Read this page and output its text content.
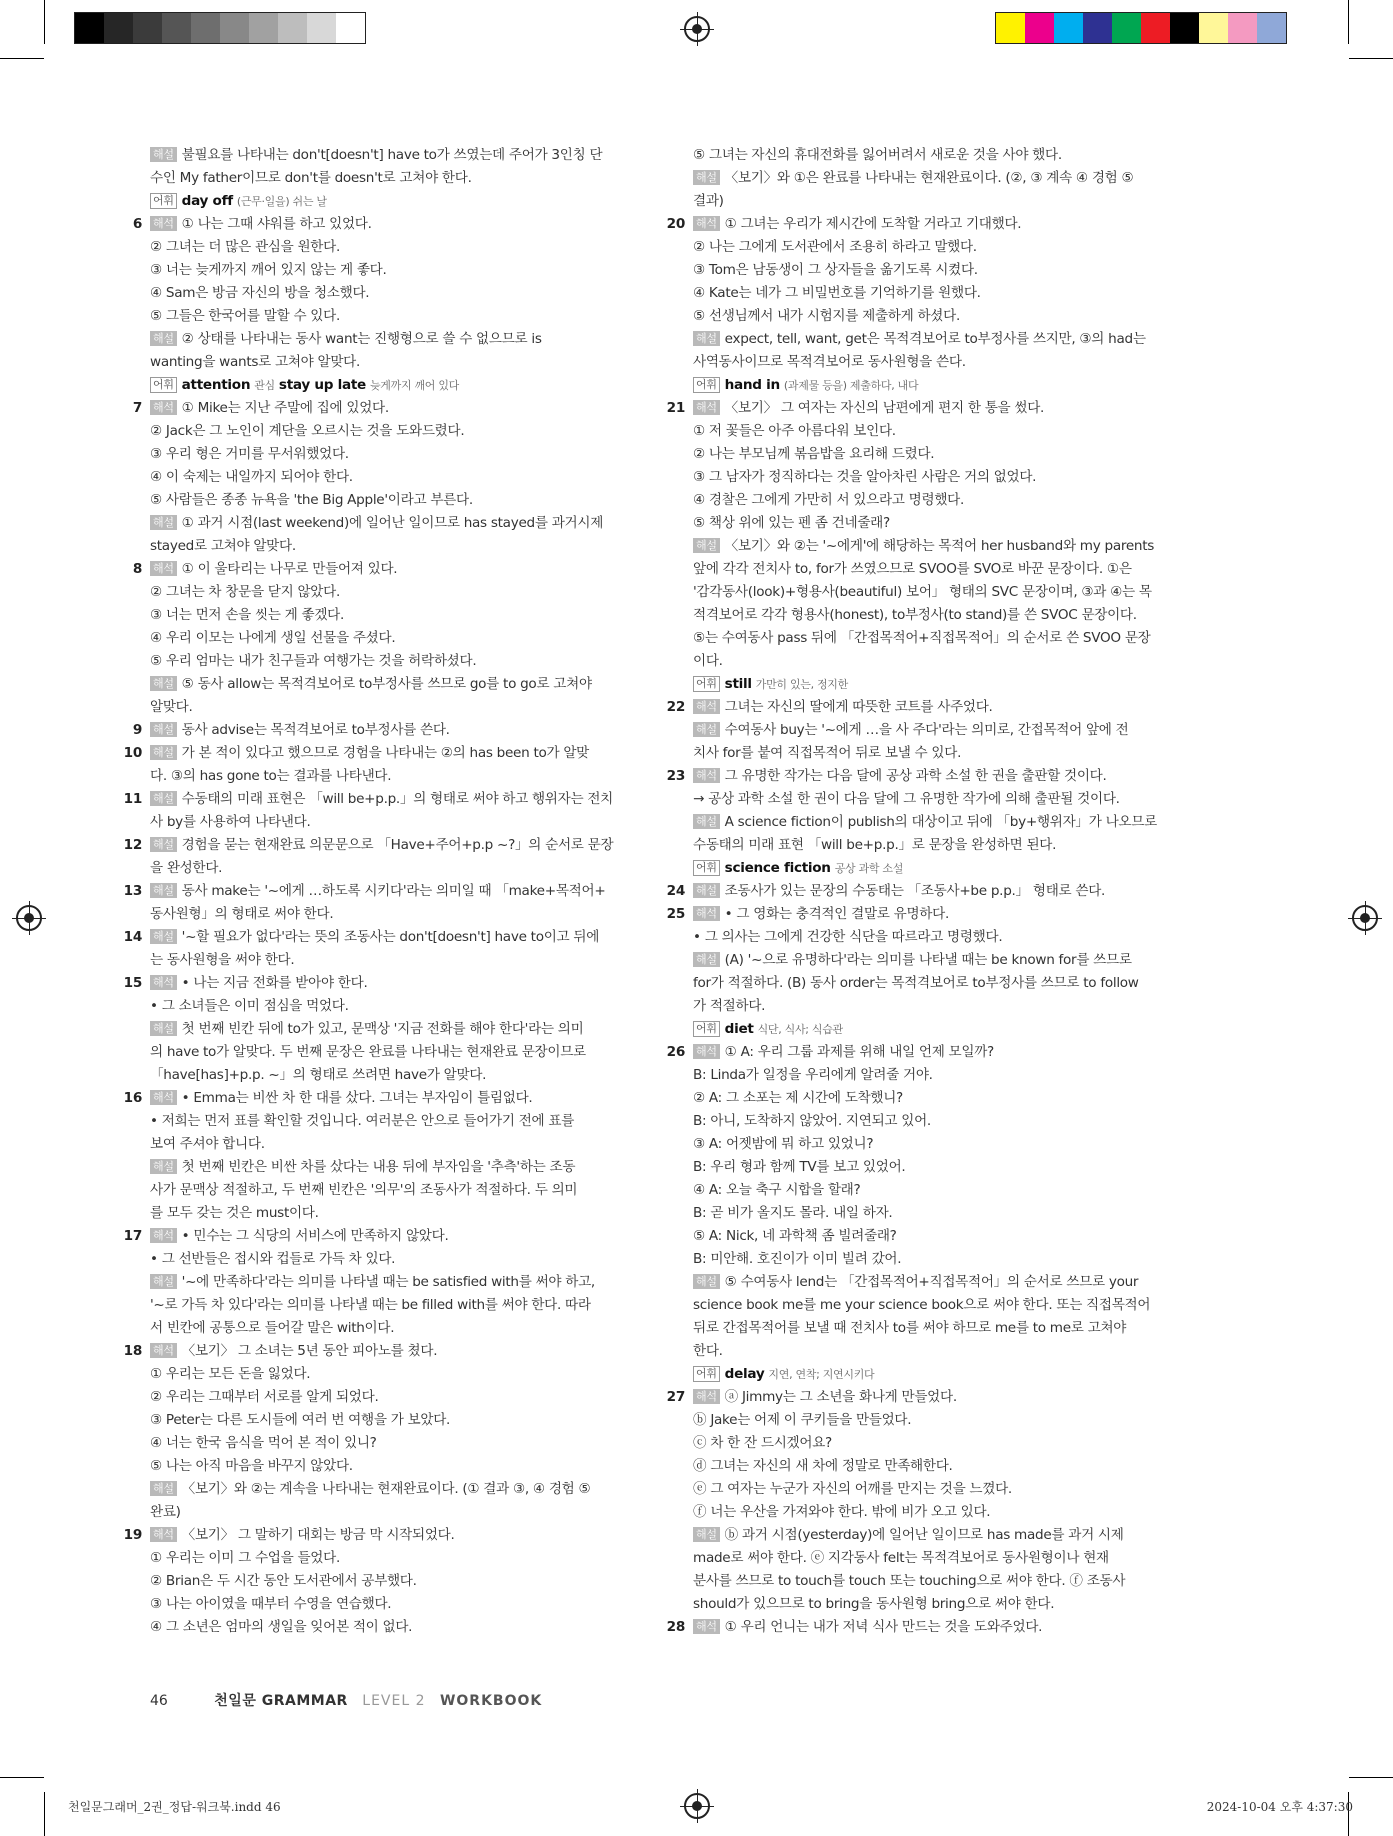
해설 불필요를 나타내는 don't[doesn't] have to가 쓰였는데 주어가 3인칭 단
수인 My father이므로 don't를 doesn't로 고쳐야 한다.
어휘 day off (근무·일을) 쉬는 날
6 해석 ① 나는 그때 샤워를 하고 있었다.
② 그녀는 더 많은 관심을 원한다.
③ 너는 늦게까지 깨어 있지 않는 게 좋다.
④ Sam은 방금 자신의 방을 청소했다.
⑤ 그들은 한국어를 말할 수 있다.
해설 ② 상태를 나타내는 동사 want는 진행형으로 쓸 수 없으므로 is
wanting을 wants로 고쳐야 알맞다.
어휘 attention 관심 stay up late 늦게까지 깨어 있다
7 해석 ① Mike는 지난 주말에 집에 있었다.
② Jack은 그 노인이 계단을 오르시는 것을 도와드렸다.
③ 우리 형은 거미를 무서워했었다.
④ 이 숙제는 내일까지 되어야 한다.
⑤ 사람들은 종종 뉴욕을 'the Big Apple'이라고 부른다.
해설 ① 과거 시점(last weekend)에 일어난 일이므로 has stayed를 과거시제
stayed로 고쳐야 알맞다.
8 해석 ① 이 울타리는 나무로 만들어져 있다.
② 그녀는 차 창문을 닫지 않았다.
③ 너는 먼저 손을 씻는 게 좋겠다.
④ 우리 이모는 나에게 생일 선물을 주셨다.
⑤ 우리 엄마는 내가 친구들과 여행가는 것을 허락하셨다.
해설 ⑤ 동사 allow는 목적격보어로 to부정사를 쓰므로 go를 to go로 고쳐야
알맞다.
9 해설 동사 advise는 목적격보어로 to부정사를 쓴다.
10 해설 가 본 적이 있다고 했으므로 경험을 나타내는 ②의 has been to가 알맞
다. ③의 has gone to는 결과를 나타낸다.
11 해설 수동태의 미래 표현은 「will be+p.p.」의 형태로 써야 하고 행위자는 전치
사 by를 사용하여 나타낸다.
12 해설 경험을 묻는 현재완료 의문문으로 「Have+주어+p.p ~?」의 순서로 문장
을 완성한다.
13 해설 동사 make는 '~에게 …하도록 시키다'라는 의미일 때 「make+목적어+
동사원형」의 형태로 써야 한다.
14 해설 '~할 필요가 없다'라는 뜻의 조동사는 don't[doesn't] have to이고 뒤에
는 동사원형을 써야 한다.
15 해석 • 나는 지금 전화를 받아야 한다.
• 그 소녀들은 이미 점심을 먹었다.
해설 첫 번째 빈칸 뒤에 to가 있고, 문맥상 '지금 전화를 해야 한다'라는 의미
의 have to가 알맞다. 두 번째 문장은 완료를 나타내는 현재완료 문장이므로
「have[has]+p.p. ~」의 형태로 쓰려면 have가 알맞다.
16 해석 • Emma는 비싼 차 한 대를 샀다. 그녀는 부자임이 틀림없다.
• 저희는 먼저 표를 확인할 것입니다. 여러분은 안으로 들어가기 전에 표를
보여 주셔야 합니다.
해설 첫 번째 빈칸은 비싼 차를 샀다는 내용 뒤에 부자임을 '추측'하는 조동
사가 문맥상 적절하고, 두 번째 빈칸은 '의무'의 조동사가 적절하다. 두 의미
를 모두 갖는 것은 must이다.
17 해석 • 민수는 그 식당의 서비스에 만족하지 않았다.
• 그 선반들은 접시와 컵들로 가득 차 있다.
해설 '~에 만족하다'라는 의미를 나타낼 때는 be satisfied with를 써야 하고,
'~로 가득 차 있다'라는 의미를 나타낼 때는 be filled with를 써야 한다. 따라
서 빈칸에 공통으로 들어갈 말은 with이다.
18 해석 〈보기〉 그 소녀는 5년 동안 피아노를 쳤다.
① 우리는 모든 돈을 잃었다.
② 우리는 그때부터 서로를 알게 되었다.
③ Peter는 다른 도시들에 여러 번 여행을 가 보았다.
④ 너는 한국 음식을 먹어 본 적이 있니?
⑤ 나는 아직 마음을 바꾸지 않았다.
해설 〈보기〉와 ②는 계속을 나타내는 현재완료이다. (① 결과 ③, ④ 경험 ⑤
완료)
19 해석 〈보기〉 그 말하기 대회는 방금 막 시작되었다.
① 우리는 이미 그 수업을 들었다.
② Brian은 두 시간 동안 도서관에서 공부했다.
③ 나는 아이였을 때부터 수영을 연습했다.
④ 그 소년은 엄마의 생일을 잊어본 적이 없다.
⑤ 그녀는 자신의 휴대전화를 잃어버려서 새로운 것을 사야 했다.
해설 〈보기〉와 ①은 완료를 나타내는 현재완료이다. (②, ③ 계속 ④ 경험 ⑤
결과)
20 해석 ① 그녀는 우리가 제시간에 도착할 거라고 기대했다.
② 나는 그에게 도서관에서 조용히 하라고 말했다.
③ Tom은 남동생이 그 상자들을 옮기도록 시켰다.
④ Kate는 네가 그 비밀번호를 기억하기를 원했다.
⑤ 선생님께서 내가 시험지를 제출하게 하셨다.
해설 expect, tell, want, get은 목적격보어로 to부정사를 쓰지만, ③의 had는
사역동사이므로 목적격보어로 동사원형을 쓴다.
어휘 hand in (과제물 등을) 제출하다, 내다
21 해석 〈보기〉 그 여자는 자신의 남편에게 편지 한 통을 썼다.
① 저 꽃들은 아주 아름다워 보인다.
② 나는 부모님께 볶음밥을 요리해 드렸다.
③ 그 남자가 정직하다는 것을 알아차린 사람은 거의 없었다.
④ 경찰은 그에게 가만히 서 있으라고 명령했다.
⑤ 책상 위에 있는 펜 좀 건네줄래?
해설 〈보기〉와 ②는 '~에게'에 해당하는 목적어 her husband와 my parents
앞에 각각 전치사 to, for가 쓰였으므로 SVOO를 SVO로 바꾼 문장이다. ①은
'감각동사(look)+형용사(beautiful) 보어」 형태의 SVC 문장이며, ③과 ④는 목
적격보어로 각각 형용사(honest), to부정사(to stand)를 쓴 SVOC 문장이다.
⑤는 수여동사 pass 뒤에 「간접목적어+직접목적어」의 순서로 쓴 SVOO 문장
이다.
어휘 still 가만히 있는, 정지한
22 해석 그녀는 자신의 딸에게 따뜻한 코트를 사주었다.
해설 수여동사 buy는 '~에게 …을 사 주다'라는 의미로, 간접목적어 앞에 전
치사 for를 붙여 직접목적어 뒤로 보낼 수 있다.
23 해석 그 유명한 작가는 다음 달에 공상 과학 소설 한 권을 출판할 것이다.
→ 공상 과학 소설 한 권이 다음 달에 그 유명한 작가에 의해 출판될 것이다.
해설 A science fiction이 publish의 대상이고 뒤에 「by+행위자」가 나오므로
수동태의 미래 표현 「will be+p.p.」로 문장을 완성하면 된다.
어휘 science fiction 공상 과학 소설
24 해설 조동사가 있는 문장의 수동태는 「조동사+be p.p.」 형태로 쓴다.
25 해석 • 그 영화는 충격적인 결말로 유명하다.
• 그 의사는 그에게 건강한 식단을 따르라고 명령했다.
해설 (A) '~으로 유명하다'라는 의미를 나타낼 때는 be known for를 쓰므로
for가 적절하다. (B) 동사 order는 목적격보어로 to부정사를 쓰므로 to follow
가 적절하다.
어휘 diet 식단, 식사; 식습관
26 해석 ① A: 우리 그룹 과제를 위해 내일 언제 모일까?
B: Linda가 일정을 우리에게 알려줄 거야.
② A: 그 소포는 제 시간에 도착했니?
B: 아니, 도착하지 않았어. 지연되고 있어.
③ A: 어젯밤에 뭐 하고 있었니?
B: 우리 형과 함께 TV를 보고 있었어.
④ A: 오늘 축구 시합을 할래?
B: 곧 비가 올지도 몰라. 내일 하자.
⑤ A: Nick, 네 과학책 좀 빌려줄래?
B: 미안해. 호진이가 이미 빌려 갔어.
해설 ⑤ 수여동사 lend는 「간접목적어+직접목적어」의 순서로 쓰므로 your
science book me를 me your science book으로 써야 한다. 또는 직접목적어
뒤로 간접목적어를 보낼 때 전치사 to를 써야 하므로 me를 to me로 고쳐야
한다.
어휘 delay 지연, 연착; 지연시키다
27 해석 ⓐ Jimmy는 그 소년을 화나게 만들었다.
ⓑ Jake는 어제 이 쿠키들을 만들었다.
ⓒ 차 한 잔 드시겠어요?
ⓓ 그녀는 자신의 새 차에 정말로 만족해한다.
ⓔ 그 여자는 누군가 자신의 어깨를 만지는 것을 느꼈다.
ⓕ 너는 우산을 가져와야 한다. 밖에 비가 오고 있다.
해설 ⓑ 과거 시점(yesterday)에 일어난 일이므로 has made를 과거 시제
made로 써야 한다. ⓔ 지각동사 felt는 목적격보어로 동사원형이나 현재
분사를 쓰므로 to touch를 touch 또는 touching으로 써야 한다. ⓕ 조동사
should가 있으므로 to bring을 동사원형 bring으로 써야 한다.
28 해석 ① 우리 언니는 내가 저녁 식사 만드는 것을 도와주었다.
46	천일문 GRAMMAR LEVEL 2 WORKBOOK
천일문그래머_2권_정답-워크북.indd 46	2024-10-04 오후 4:37:30
